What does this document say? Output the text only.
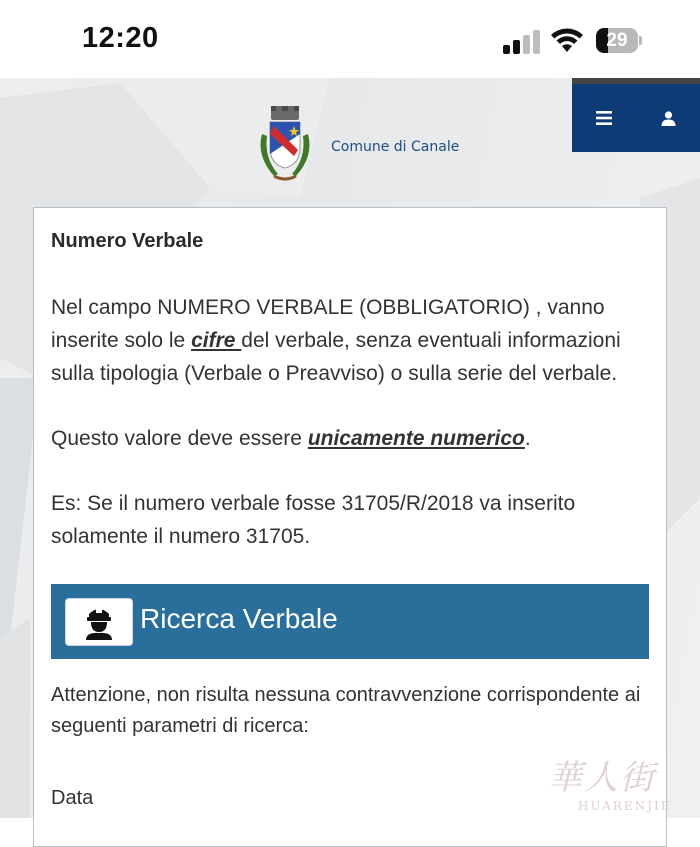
12:20	29
Comune di Canale
Numero Verbale
Nel campo NUMERO VERBALE (OBBLIGATORIO) , vanno inserite solo le cifre del verbale, senza eventuali informazioni sulla tipologia (Verbale o Preavviso) o sulla serie del verbale.
Questo valore deve essere unicamente numerico.
Es: Se il numero verbale fosse 31705/R/2018 va inserito solamente il numero 31705.
Ricerca Verbale
Attenzione, non risulta nessuna contravvenzione corrispondente ai seguenti parametri di ricerca:
Data	華人街
HUARENJIE
